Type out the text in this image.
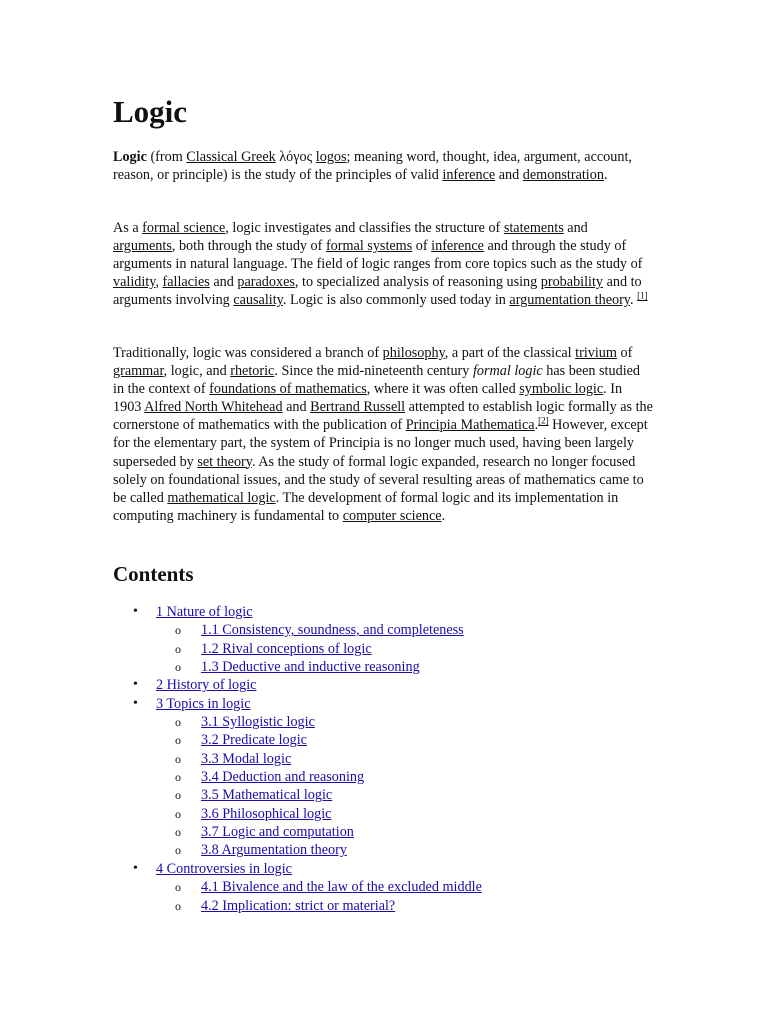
Logic

Logic (from Classical Greek λόγος logos; meaning word, thought, idea, argument, account, reason, or principle) is the study of the principles of valid inference and demonstration.

As a formal science, logic investigates and classifies the structure of statements and arguments, both through the study of formal systems of inference and through the study of arguments in natural language. The field of logic ranges from core topics such as the study of validity, fallacies and paradoxes, to specialized analysis of reasoning using probability and to arguments involving causality. Logic is also commonly used today in argumentation theory. [1]

Traditionally, logic was considered a branch of philosophy, a part of the classical trivium of grammar, logic, and rhetoric. Since the mid-nineteenth century formal logic has been studied in the context of foundations of mathematics, where it was often called symbolic logic. In 1903 Alfred North Whitehead and Bertrand Russell attempted to establish logic formally as the cornerstone of mathematics with the publication of Principia Mathematica.[2] However, except for the elementary part, the system of Principia is no longer much used, having been largely superseded by set theory. As the study of formal logic expanded, research no longer focused solely on foundational issues, and the study of several resulting areas of mathematics came to be called mathematical logic. The development of formal logic and its implementation in computing machinery is fundamental to computer science.

Contents
• 1 Nature of logic
o 1.1 Consistency, soundness, and completeness
o 1.2 Rival conceptions of logic
o 1.3 Deductive and inductive reasoning
• 2 History of logic
• 3 Topics in logic
o 3.1 Syllogistic logic
o 3.2 Predicate logic
o 3.3 Modal logic
o 3.4 Deduction and reasoning
o 3.5 Mathematical logic
o 3.6 Philosophical logic
o 3.7 Logic and computation
o 3.8 Argumentation theory
• 4 Controversies in logic
o 4.1 Bivalence and the law of the excluded middle
o 4.2 Implication: strict or material?
